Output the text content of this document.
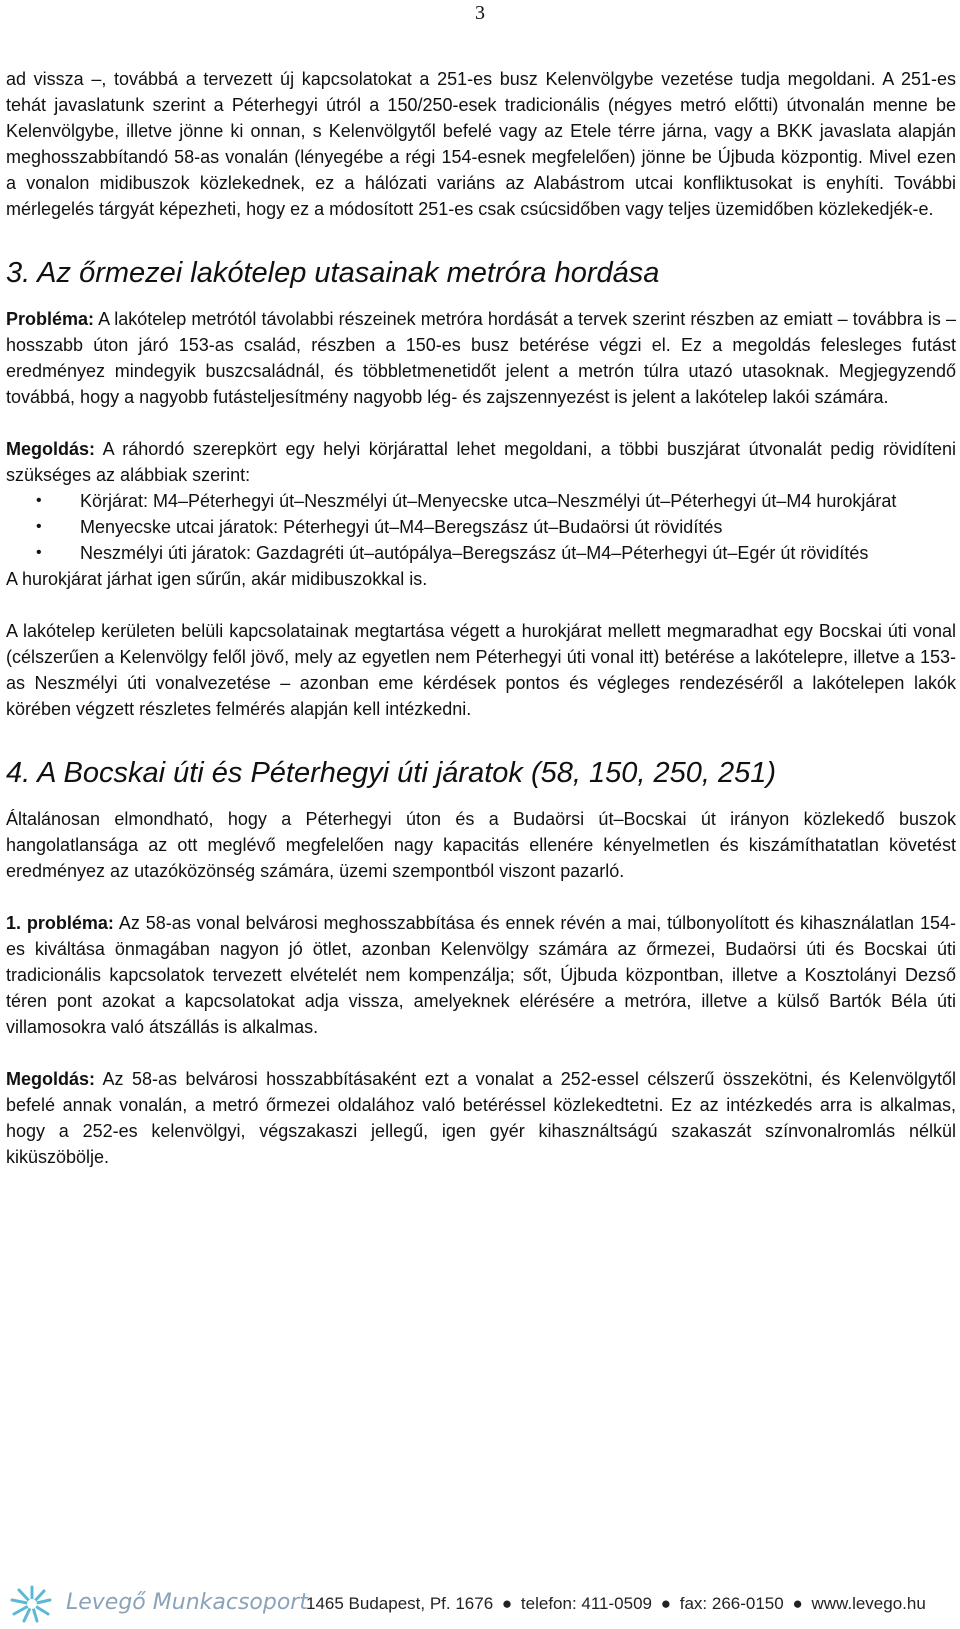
3

ad vissza –, továbbá a tervezett új kapcsolatokat a 251-es busz Kelenvölgybe vezetése tudja megoldani. A 251-es tehát javaslatunk szerint a Péterhegyi útról a 150/250-esek tradicionális (négyes metró előtti) útvonalán menne be Kelenvölgybe, illetve jönne ki onnan, s Kelenvölgytől befelé vagy az Etele térre járna, vagy a BKK javaslata alapján meghosszabbítandó 58-as vonalán (lényegébe a régi 154-esnek megfelelően) jönne be Újbuda központig. Mivel ezen a vonalon midibuszok közlekednek, ez a hálózati variáns az Alabástrom utcai konfliktusokat is enyhíti. További mérlegelés tárgyát képezheti, hogy ez a módosított 251-es csak csúcsidőben vagy teljes üzemidőben közlekedjék-e.

3. Az őrmezei lakótelep utasainak metróra hordása

Probléma: A lakótelep metrótól távolabbi részeinek metróra hordását a tervek szerint részben az emiatt – továbbra is – hosszabb úton járó 153-as család, részben a 150-es busz betérése végzi el. Ez a megoldás felesleges futást eredményez mindegyik buszcsaládnál, és többletmenetidőt jelent a metrón túlra utazó utasoknak. Megjegyzendő továbbá, hogy a nagyobb futásteljesítmény nagyobb lég- és zajszennyezést is jelent a lakótelep lakói számára.

Megoldás: A ráhordó szerepkört egy helyi körjárattal lehet megoldani, a többi buszjárat útvonalát pedig rövidíteni szükséges az alábbiak szerint:

• Körjárat: M4–Péterhegyi út–Neszmélyi út–Menyecske utca–Neszmélyi út–Péterhegyi út–M4 hurokjárat
• Menyecske utcai járatok: Péterhegyi út–M4–Beregszász út–Budaörsi út rövidítés
• Neszmélyi úti járatok: Gazdagréti út–autópálya–Beregszász út–M4–Péterhegyi út–Egér út rövidítés

A hurokjárat járhat igen sűrűn, akár midibuszokkal is.

A lakótelep kerületen belüli kapcsolatainak megtartása végett a hurokjárat mellett megmaradhat egy Bocskai úti vonal (célszerűen a Kelenvölgy felől jövő, mely az egyetlen nem Péterhegyi úti vonal itt) betérése a lakótelepre, illetve a 153-as Neszmélyi úti vonalvezetése – azonban eme kérdések pontos és végleges rendezéséről a lakótelepen lakók körében végzett részletes felmérés alapján kell intézkedni.

4. A Bocskai úti és Péterhegyi úti járatok (58, 150, 250, 251)

Általánosan elmondható, hogy a Péterhegyi úton és a Budaörsi út–Bocskai út irányon közlekedő buszok hangolatlansága az ott meglévő megfelelően nagy kapacitás ellenére kényelmetlen és kiszámíthatatlan követést eredményez az utazóközönség számára, üzemi szempontból viszont pazarló.

1. probléma: Az 58-as vonal belvárosi meghosszabbítása és ennek révén a mai, túlbonyolított és kihasználatlan 154-es kiváltása önmagában nagyon jó ötlet, azonban Kelenvölgy számára az őrmezei, Budaörsi úti és Bocskai úti tradicionális kapcsolatok tervezett elvételét nem kompenzálja; sőt, Újbuda központban, illetve a Kosztolányi Dezső téren pont azokat a kapcsolatokat adja vissza, amelyeknek elérésére a metróra, illetve a külső Bartók Béla úti villamosokra való átszállás is alkalmas.

Megoldás: Az 58-as belvárosi hosszabbításaként ezt a vonalat a 252-essel célszerű összekötni, és Kelenvölgytől befelé annak vonalán, a metró őrmezei oldalához való betéréssel közlekedtetni. Ez az intézkedés arra is alkalmas, hogy a 252-es kelenvölgyi, végszakaszi jellegű, igen gyér kihasználtságú szakaszát színvonalromlás nélkül kiküszöbölje.

Levegő Munkacsoport
1465 Budapest, Pf. 1676 ● telefon: 411-0509 ● fax: 266-0150 ● www.levego.hu
